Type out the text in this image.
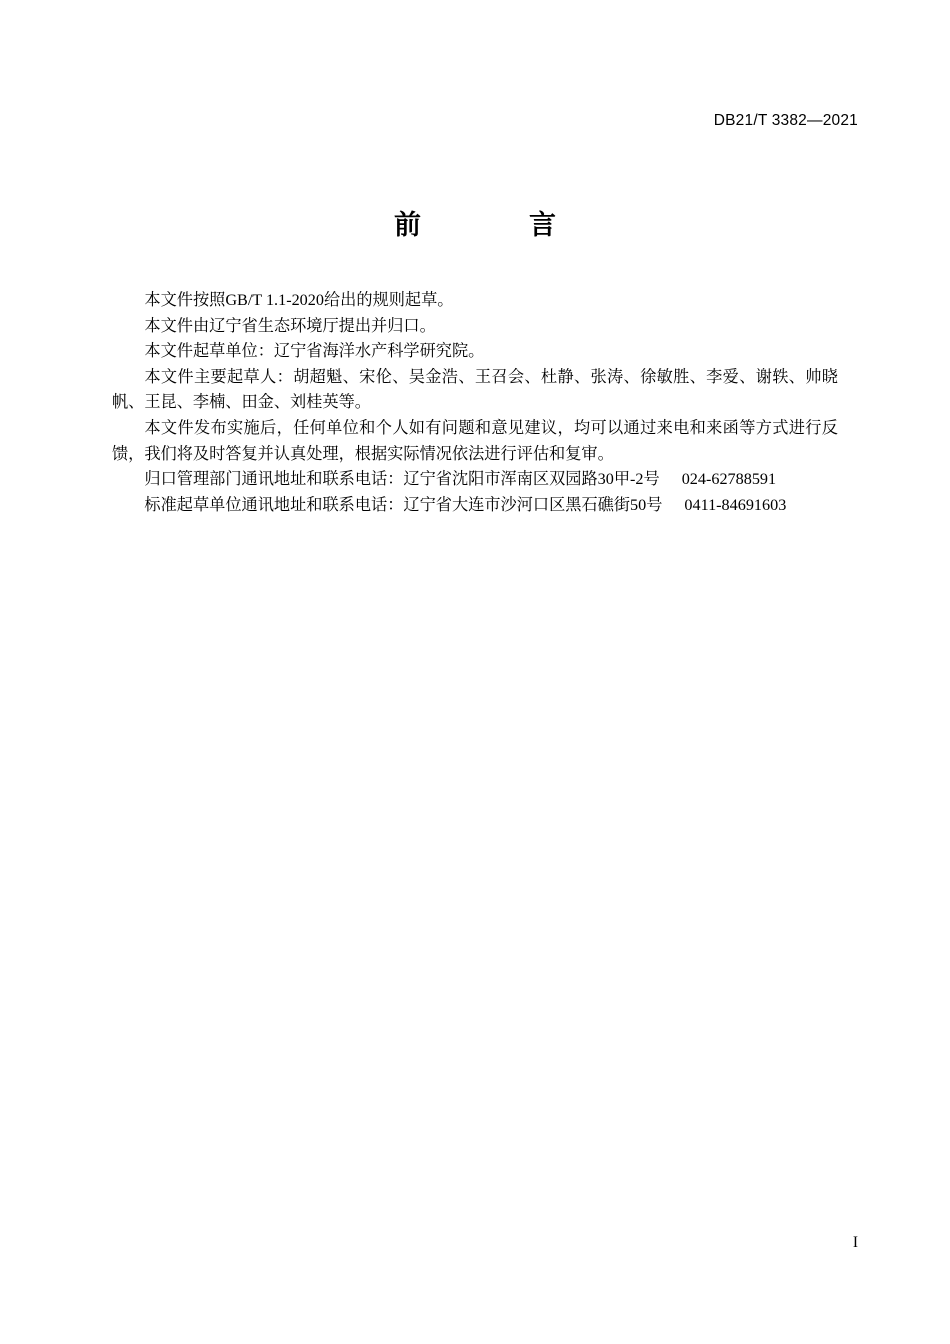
DB21/T 3382—2021
前　　言

本文件按照GB/T 1.1-2020给出的规则起草。

本文件由辽宁省生态环境厅提出并归口。

本文件起草单位：辽宁省海洋水产科学研究院。

本文件主要起草人：胡超魁、宋伦、吴金浩、王召会、杜静、张涛、徐敏胜、李爱、谢轶、帅晓帆、王昆、李楠、田金、刘桂英等。

本文件发布实施后，任何单位和个人如有问题和意见建议，均可以通过来电和来函等方式进行反馈，我们将及时答复并认真处理，根据实际情况依法进行评估和复审。

归口管理部门通讯地址和联系电话：辽宁省沈阳市浑南区双园路30甲-2号 024-62788591

标准起草单位通讯地址和联系电话：辽宁省大连市沙河口区黑石礁街50号 0411-84691603

I
